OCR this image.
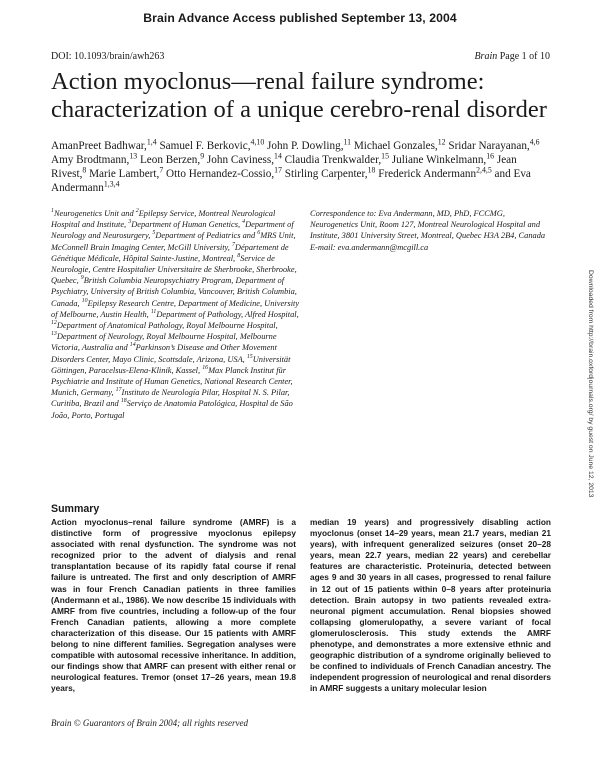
Brain Advance Access published September 13, 2004
DOI: 10.1093/brain/awh263	Brain Page 1 of 10
Action myoclonus—renal failure syndrome: characterization of a unique cerebro-renal disorder
AmanPreet Badhwar,$^{1,4}$ Samuel F. Berkovic,$^{4,10}$ John P. Dowling,$^{11}$ Michael Gonzales,$^{12}$ Sridar Narayanan,$^{4,6}$ Amy Brodtmann,$^{13}$ Leon Berzen,$^9$ John Caviness,$^{14}$ Claudia Trenkwalder,$^{15}$ Juliane Winkelmann,$^{16}$ Jean Rivest,$^8$ Marie Lambert,$^7$ Otto Hernandez-Cossio,$^{17}$ Stirling Carpenter,$^{18}$ Frederick Andermann$^{2,4,5}$ and Eva Andermann$^{1,3,4}$
$^1$Neurogenetics Unit and $^2$Epilepsy Service, Montreal Neurological Hospital and Institute, $^3$Department of Human Genetics, $^4$Department of Neurology and Neurosurgery, $^5$Department of Pediatrics and $^6$MRS Unit, McConnell Brain Imaging Center, McGill University, $^7$Département de Génétique Médicale, Hôpital Sainte-Justine, Montreal, $^8$Service de Neurologie, Centre Hospitalier Universitaire de Sherbrooke, Sherbrooke, Quebec, $^9$British Columbia Neuropsychiatry Program, Department of Psychiatry, University of British Columbia, Vancouver, British Columbia, Canada, $^{10}$Epilepsy Research Centre, Department of Medicine, University of Melbourne, Austin Health, $^{11}$Department of Pathology, Alfred Hospital, $^{12}$Department of Anatomical Pathology, Royal Melbourne Hospital, $^{13}$Department of Neurology, Royal Melbourne Hospital, Melbourne Victoria, Australia and $^{14}$Parkinson’s Disease and Other Movement Disorders Center, Mayo Clinic, Scottsdale, Arizona, USA, $^{15}$Universität Göttingen, Paracelsus-Elena-Klinik, Kassel, $^{16}$Max Planck Institut für Psychiatrie and Institute of Human Genetics, National Research Center, Munich, Germany, $^{17}$Instituto de Neurología Pilar, Hospital N. S. Pilar, Curitiba, Brazil and $^{18}$Serviço de Anatomia Patológica, Hospital de São João, Porto, Portugal

Correspondence to: Eva Andermann, MD, PhD, FCCMG, Neurogenetics Unit, Room 127, Montreal Neurological Hospital and Institute, 3801 University Street, Montreal, Quebec H3A 2B4, Canada

E-mail: eva.andermann@mcgill.ca

Downloaded from http://brain.oxfordjournals.org/ by guest on June 12, 2013
Summary
Action myoclonus–renal failure syndrome (AMRF) is a distinctive form of progressive myoclonus epilepsy associated with renal dysfunction. The syndrome was not recognized prior to the advent of dialysis and renal transplantation because of its rapidly fatal course if renal failure is untreated. The first and only description of AMRF was in four French Canadian patients in three families (Andermann et al., 1986). We now describe 15 individuals with AMRF from five countries, including a follow-up of the four French Canadian patients, allowing a more complete characterization of this disease. Our 15 patients with AMRF belong to nine different families. Segregation analyses were compatible with autosomal recessive inheritance. In addition, our findings show that AMRF can present with either renal or neurological features. Tremor (onset 17–26 years, mean 19.8 years,
median 19 years) and progressively disabling action myoclonus (onset 14–29 years, mean 21.7 years, median 21 years), with infrequent generalized seizures (onset 20–28 years, mean 22.7 years, median 22 years) and cerebellar features are characteristic. Proteinuria, detected between ages 9 and 30 years in all cases, progressed to renal failure in 12 out of 15 patients within 0–8 years after proteinuria detection. Brain autopsy in two patients revealed extra-neuronal pigment accumulation. Renal biopsies showed collapsing glomerulopathy, a severe variant of focal glomerulosclerosis. This study extends the AMRF phenotype, and demonstrates a more extensive ethnic and geographic distribution of a syndrome originally believed to be confined to individuals of French Canadian ancestry. The independent progression of neurological and renal disorders in AMRF suggests a unitary molecular lesion
Brain © Guarantors of Brain 2004; all rights reserved
